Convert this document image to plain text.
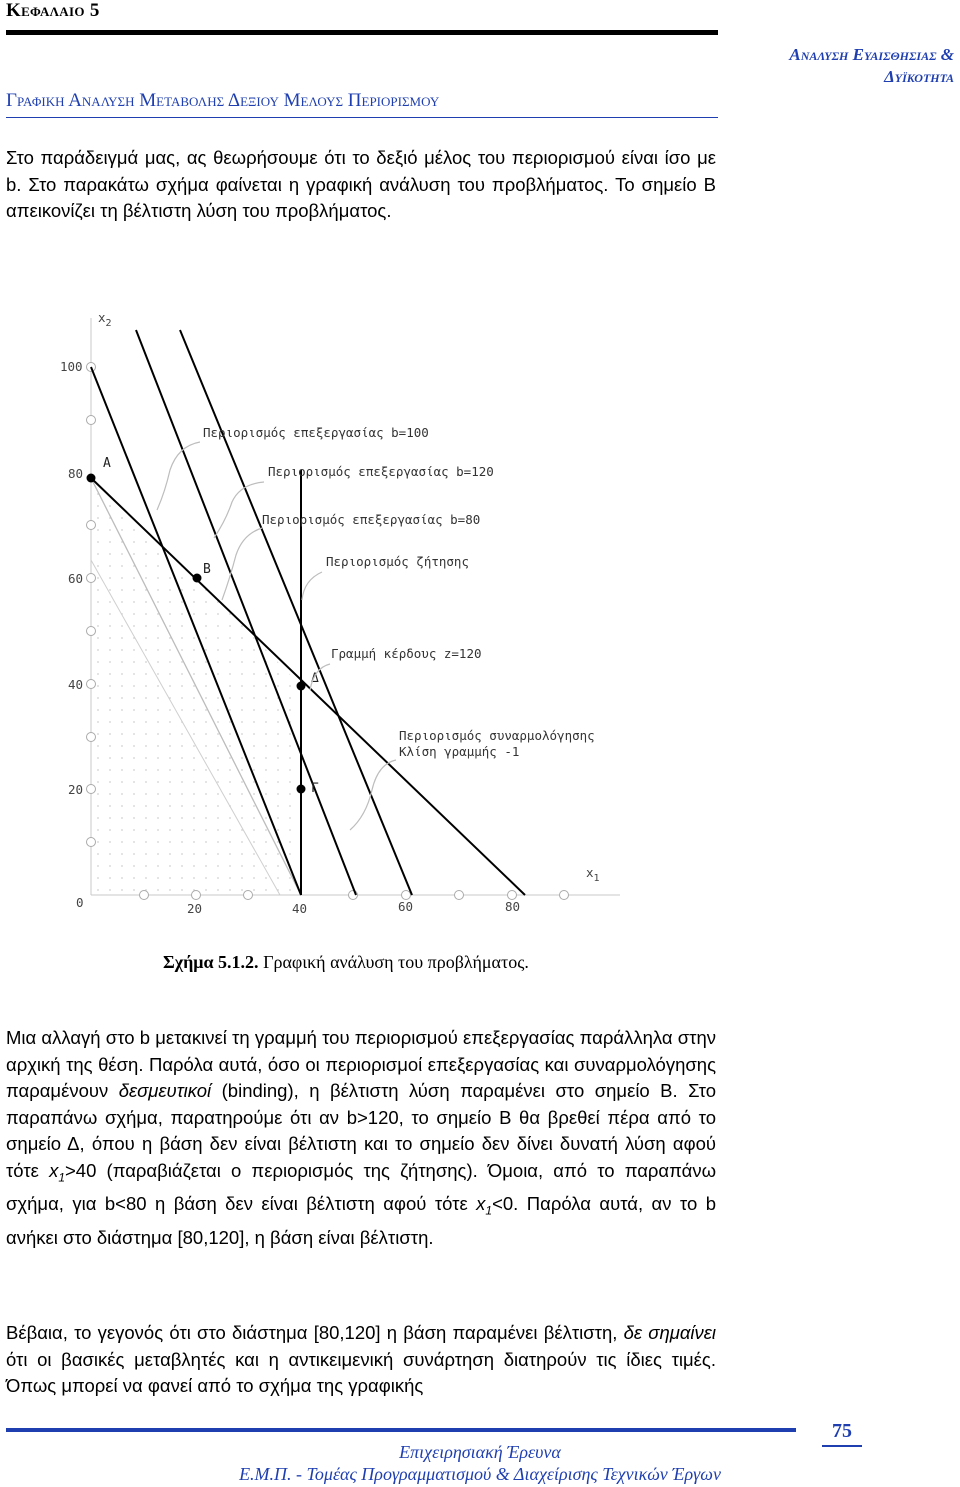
Κεφαλαιο 5
Γραφικη Αναλυση Μεταβολης Δεξιου Μελους Περιορισμου
Αναλυση Ευαισθησιας &
Δυϊκοτητα

Στο παράδειγμά μας, ας θεωρήσουμε ότι το δεξιό μέλος του περιορισμού είναι ίσο με b. Στο παρακάτω σχήμα φαίνεται η γραφική ανάλυση του προβλήματος. Το σημείο Β απεικονίζει τη βέλτιστη λύση του προβλήματος.

$x_2$
100
80
60
40
20
0	20	40	60	80
$x_1$
A
B
Δ
Γ
Περιορισμός επεξεργασίας b=100
Περιορισμός επεξεργασίας b=120
Περιορισμός επεξεργασίας b=80
Περιορισμός ζήτησης
Γραμμή κέρδους z=120
Περιορισμός συναρμολόγησης
Κλίση γραμμής -1
Σχήμα 5.1.2. Γραφική ανάλυση του προβλήματος.

Μια αλλαγή στο b μετακινεί τη γραμμή του περιορισμού επεξεργασίας παράλληλα στην αρχική της θέση. Παρόλα αυτά, όσο οι περιορισμοί επεξεργασίας και συναρμολόγησης παραμένουν δεσμευτικοί (binding), η βέλτιστη λύση παραμένει στο σημείο Β. Στο παραπάνω σχήμα, παρατηρούμε ότι αν b>120, το σημείο Β θα βρεθεί πέρα από το σημείο Δ, όπου η βάση δεν είναι βέλτιστη και το σημείο δεν δίνει δυνατή λύση αφού τότε $x_1>40$ (παραβιάζεται ο περιορισμός της ζήτησης). Όμοια, από το παραπάνω σχήμα, για b<80 η βάση δεν είναι βέλτιστη αφού τότε $x_1<0$. Παρόλα αυτά, αν το b ανήκει στο διάστημα [80,120], η βάση είναι βέλτιστη.

Βέβαια, το γεγονός ότι στο διάστημα [80,120] η βάση παραμένει βέλτιστη, δε σημαίνει ότι οι βασικές μεταβλητές και η αντικειμενική συνάρτηση διατηρούν τις ίδιες τιμές. Όπως μπορεί να φανεί από το σχήμα της γραφικής

75
Επιχειρησιακή Έρευνα
Ε.Μ.Π. - Τομέας Προγραμματισμού & Διαχείρισης Τεχνικών Έργων
